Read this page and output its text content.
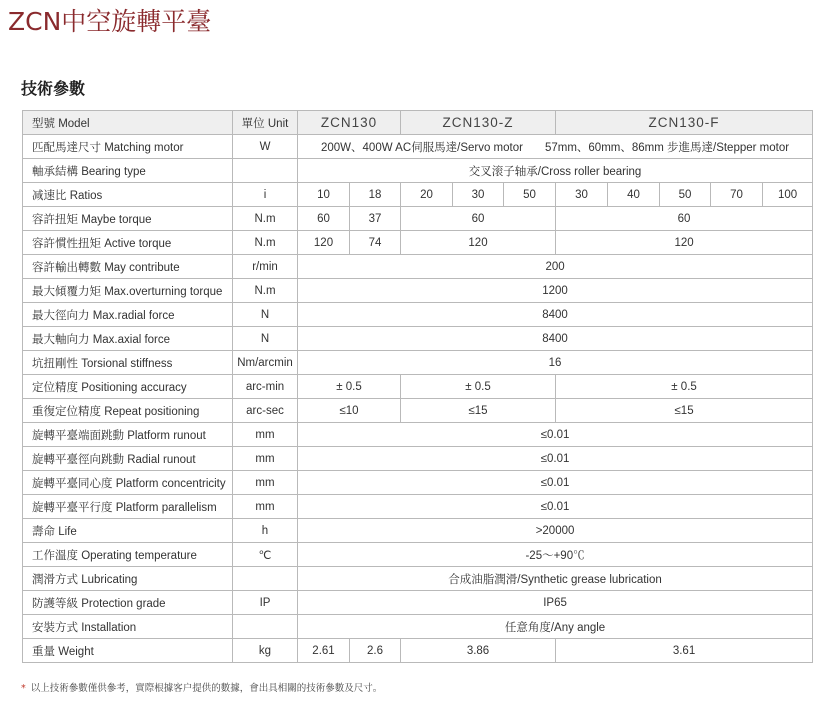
ZCN中空旋轉平臺
技術參數
型號 Model	單位 Unit	ZCN130		ZCN130-Z			ZCN130-F				
匹配馬達尺寸 Matching motor	W	200W、400W AC伺服馬達/Servo motor 57mm、60mm、86mm 步進馬達/Stepper motor									
軸承結構 Bearing type		交叉滚子轴承/Cross roller bearing									
减速比 Ratios	i	10	18	20	30	50	30	40	50	70	100
容許扭矩 Maybe torque	N.m	60	37	60			60				
容許慣性扭矩 Active torque	N.m	120	74	120			120				
容許輸出轉數 May contribute	r/min	200									
最大傾覆力矩 Max.overturning torque	N.m	1200									
最大徑向力 Max.radial force	N	8400									
最大軸向力 Max.axial force	N	8400									
坑扭剛性 Torsional stiffness	Nm/arcmin	16									
定位精度 Positioning accuracy	arc-min	± 0.5		± 0.5			± 0.5				
重復定位精度 Repeat positioning	arc-sec	≤10		≤15			≤15				
旋轉平臺端面跳動 Platform runout	mm	≤0.01									
旋轉平臺徑向跳動 Radial runout	mm	≤0.01									
旋轉平臺同心度 Platform concentricity	mm	≤0.01									
旋轉平臺平行度 Platform parallelism	mm	≤0.01									
壽命 Life	h	>20000									
工作溫度 Operating temperature	℃	-25～+90℃									
潤滑方式 Lubricating		合成油脂潤滑/Synthetic grease lubrication									
防護等級 Protection grade	IP	IP65									
安裝方式 Installation		任意角度/Any angle									
重量 Weight	kg	2.61	2.6	3.86			3.61				

* 以上技術參數僅供參考，實際根據客户提供的數據，會出具相關的技術參數及尺寸。
